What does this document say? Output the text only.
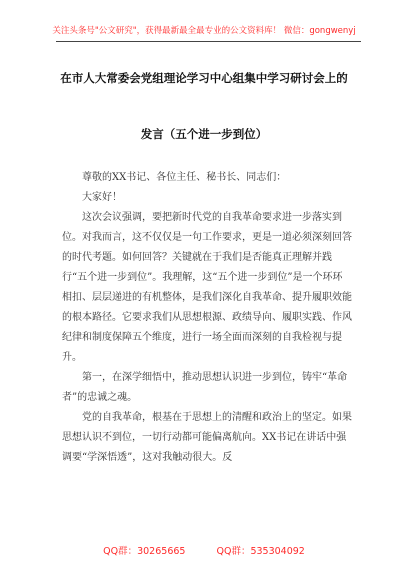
关注头条号"公文研究"，获得最新最全最专业的公文资料库！ 微信：gongwenyj
在市人大常委会党组理论学习中心组集中学习研讨会上的
发言（五个进一步到位）

尊敬的XX书记、各位主任、秘书长、同志们：

大家好！

这次会议强调，要把新时代党的自我革命要求进一步落实到位。对我而言，这不仅仅是一句工作要求，更是一道必须深刻回答的时代考题。如何回答？关键就在于我们是否能真正理解并践行“五个进一步到位”。我理解，这“五个进一步到位”是一个环环相扣、层层递进的有机整体，是我们深化自我革命、提升履职效能的根本路径。它要求我们从思想根源、政绩导向、履职实践、作风纪律和制度保障五个维度，进行一场全面而深刻的自我检视与提升。

第一，在深学细悟中，推动思想认识进一步到位，铸牢“革命者”的忠诚之魂。

党的自我革命，根基在于思想上的清醒和政治上的坚定。如果思想认识不到位，一切行动都可能偏离航向。XX书记在讲话中强调要“学深悟透”，这对我触动很大。反

QQ群：30265665	QQ群：535304092
